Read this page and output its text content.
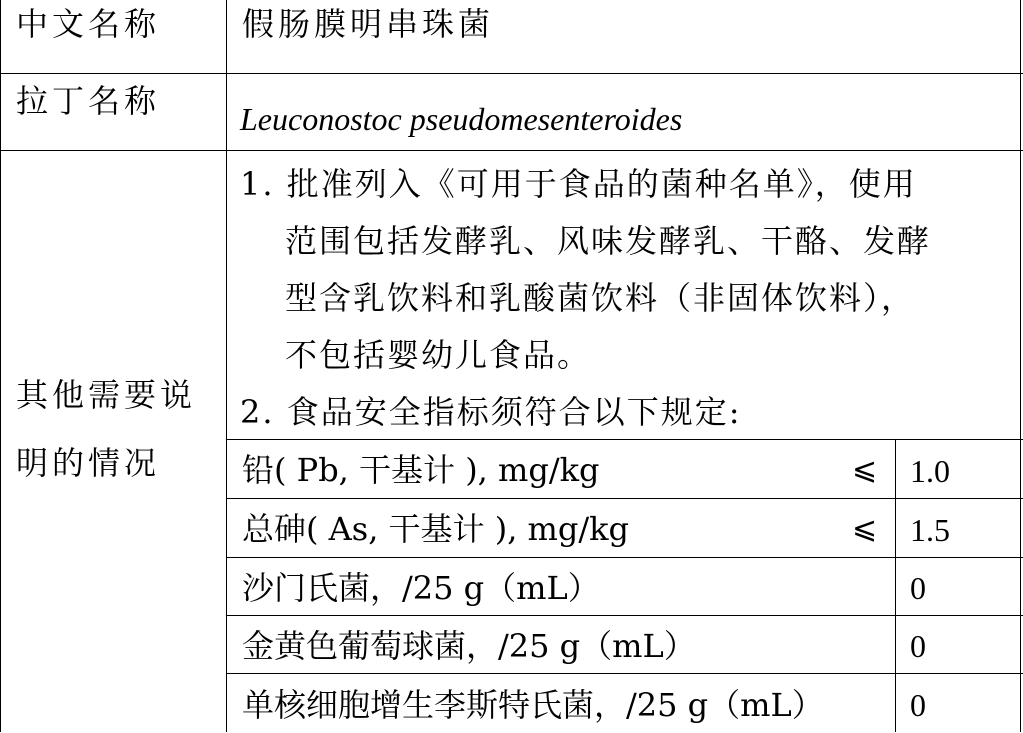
中文名称	假肠膜明串珠菌
拉丁名称 Leuconostoc pseudomesenteroides
其他需要说
明的情况
1. 批准列入《可用于食品的菌种名单》，使用
范围包括发酵乳、风味发酵乳、干酪、发酵
型含乳饮料和乳酸菌饮料（非固体饮料），
不包括婴幼儿食品。
2. 食品安全指标须符合以下规定:
铅( Pb, 干基计 ), mg/kg	⩽ 1.0
总砷( As, 干基计 ), mg/kg	⩽ 1.5
沙门氏菌，/25 g（mL）	0
金黄色葡萄球菌，/25 g（mL）	0
单核细胞增生李斯特氏菌，/25 g（mL）	0
